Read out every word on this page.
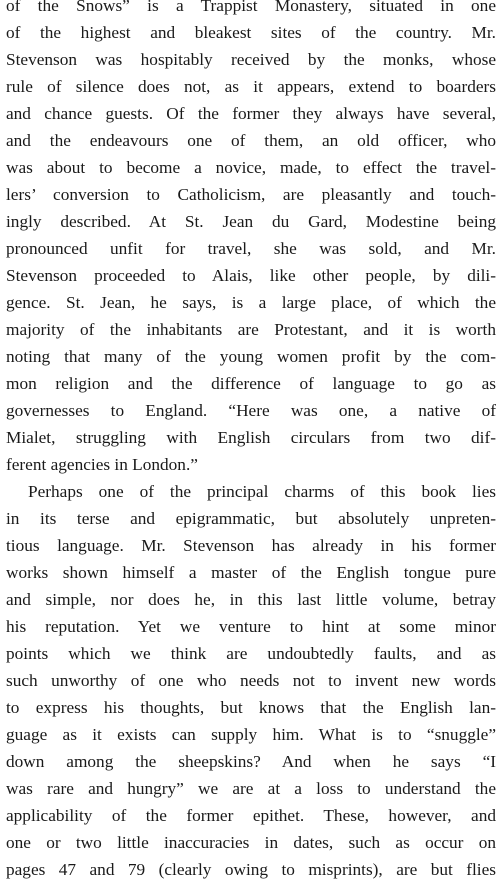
of the Snows” is a Trappist Monastery, situated in one
of the highest and bleakest sites of the country. Mr.
Stevenson was hospitably received by the monks, whose
rule of silence does not, as it appears, extend to boarders
and chance guests. Of the former they always have several,
and the endeavours one of them, an old officer, who
was about to become a novice, made, to effect the travel-
lers’ conversion to Catholicism, are pleasantly and touch-
ingly described. At St. Jean du Gard, Modestine being
pronounced unfit for travel, she was sold, and Mr.
Stevenson proceeded to Alais, like other people, by dili-
gence. St. Jean, he says, is a large place, of which the
majority of the inhabitants are Protestant, and it is worth
noting that many of the young women profit by the com-
mon religion and the difference of language to go as
governesses to England. “Here was one, a native of
Mialet, struggling with English circulars from two dif-
ferent agencies in London.”
Perhaps one of the principal charms of this book lies
in its terse and epigrammatic, but absolutely unpreten-
tious language. Mr. Stevenson has already in his former
works shown himself a master of the English tongue pure
and simple, nor does he, in this last little volume, betray
his reputation. Yet we venture to hint at some minor
points which we think are undoubtedly faults, and as
such unworthy of one who needs not to invent new words
to express his thoughts, but knows that the English lan-
guage as it exists can supply him. What is to “snuggle”
down among the sheepskins? And when he says “I
was rare and hungry” we are at a loss to understand the
applicability of the former epithet. These, however, and
one or two little inaccuracies in dates, such as occur on
pages 47 and 79 (clearly owing to misprints), are but flies
